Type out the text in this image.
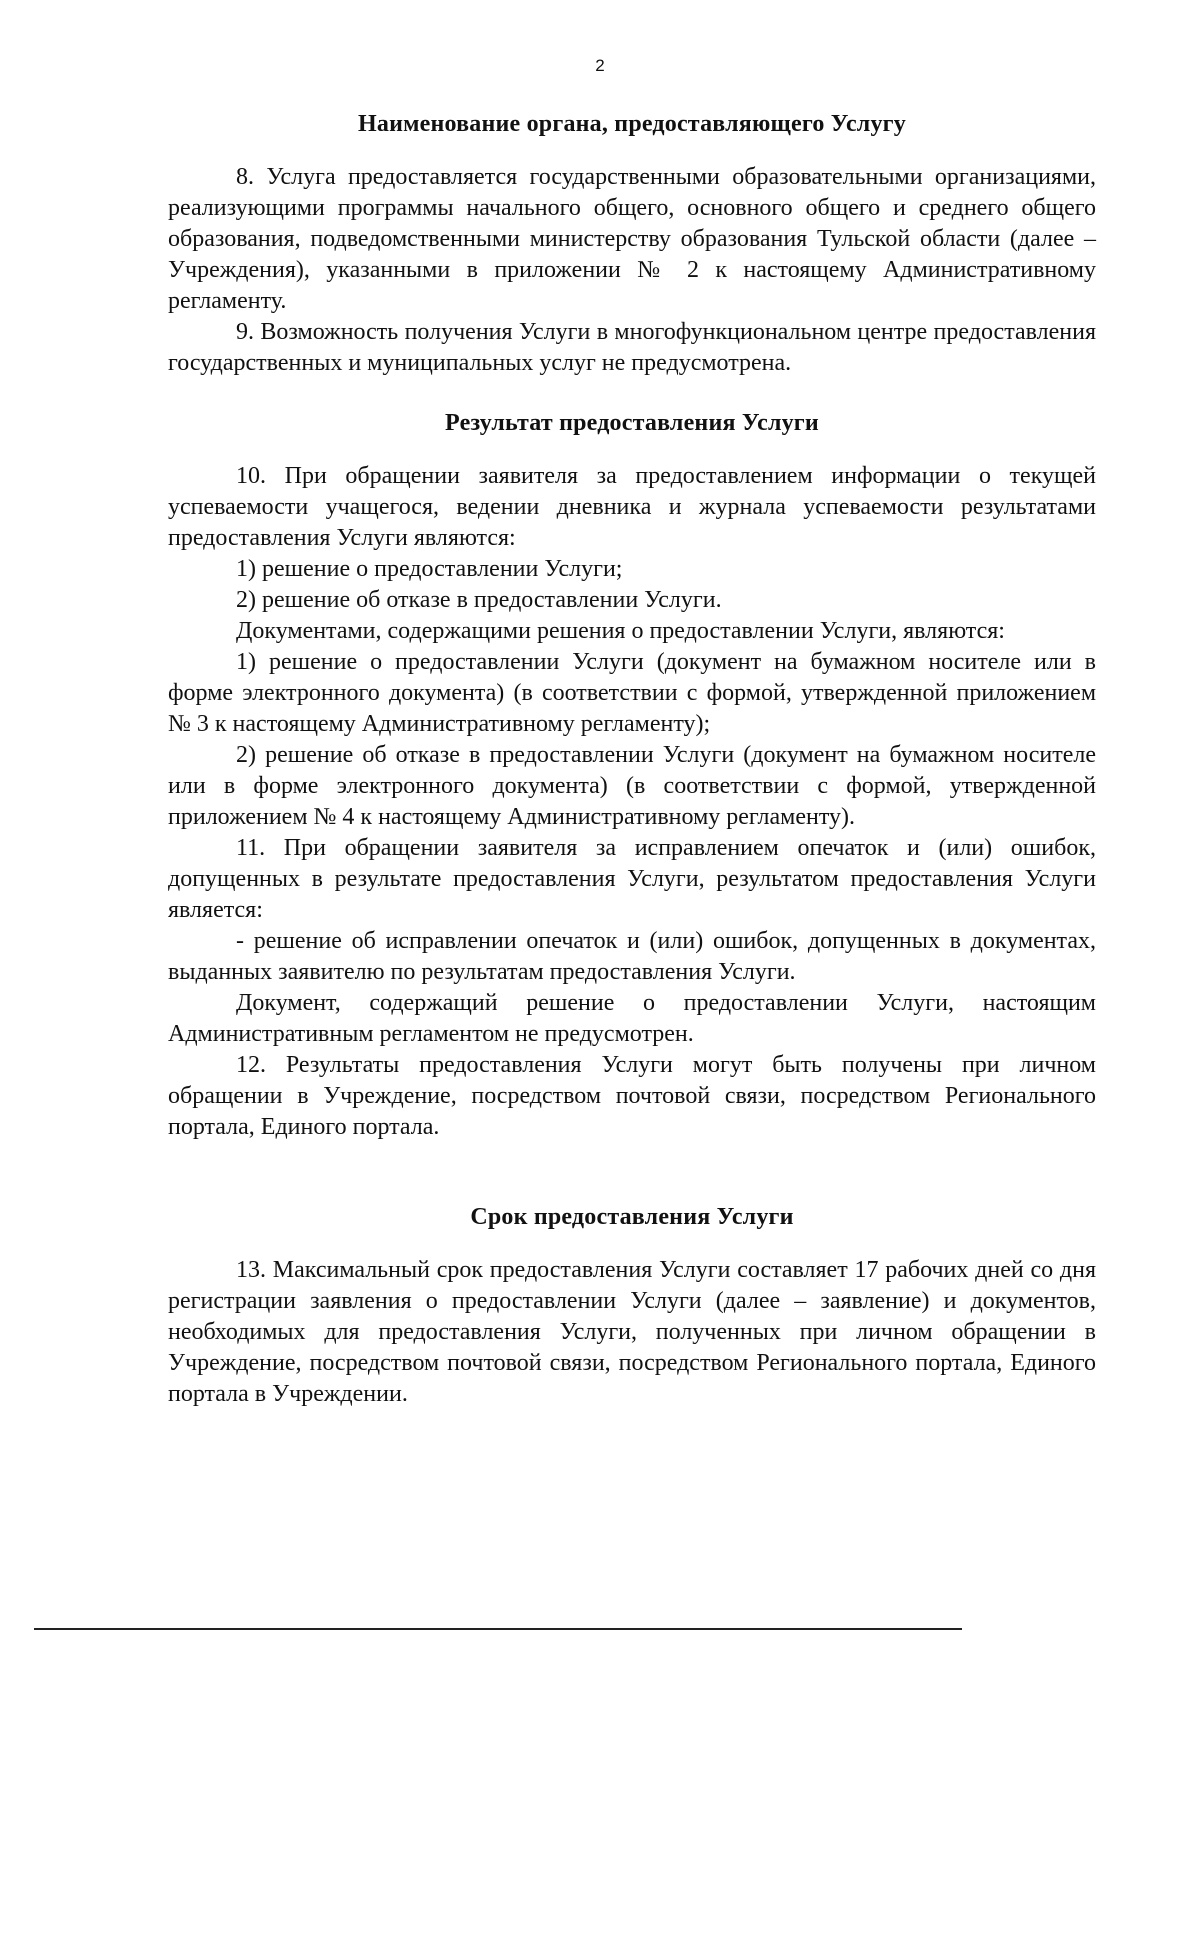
2
Наименование органа, предоставляющего Услугу

8. Услуга предоставляется государственными образовательными организациями, реализующими программы начального общего, основного общего и среднего общего образования, подведомственными министерству образования Тульской области (далее – Учреждения), указанными в приложении № 2 к настоящему Административному регламенту.

9. Возможность получения Услуги в многофункциональном центре предоставления государственных и муниципальных услуг не предусмотрена.

Результат предоставления Услуги

10. При обращении заявителя за предоставлением информации о текущей успеваемости учащегося, ведении дневника и журнала успеваемости результатами предоставления Услуги являются:

1) решение о предоставлении Услуги;

2) решение об отказе в предоставлении Услуги.

Документами, содержащими решения о предоставлении Услуги, являются:

1) решение о предоставлении Услуги (документ на бумажном носителе или в форме электронного документа) (в соответствии с формой, утвержденной приложением № 3 к настоящему Административному регламенту);

2) решение об отказе в предоставлении Услуги (документ на бумажном носителе или в форме электронного документа) (в соответствии с формой, утвержденной приложением № 4 к настоящему Административному регламенту).

11. При обращении заявителя за исправлением опечаток и (или) ошибок, допущенных в результате предоставления Услуги, результатом предоставления Услуги является:

- решение об исправлении опечаток и (или) ошибок, допущенных в документах, выданных заявителю по результатам предоставления Услуги.

Документ, содержащий решение о предоставлении Услуги, настоящим Административным регламентом не предусмотрен.

12. Результаты предоставления Услуги могут быть получены при личном обращении в Учреждение, посредством почтовой связи, посредством Регионального портала, Единого портала.

Срок предоставления Услуги

13. Максимальный срок предоставления Услуги составляет 17 рабочих дней со дня регистрации заявления о предоставлении Услуги (далее – заявление) и документов, необходимых для предоставления Услуги, полученных при личном обращении в Учреждение, посредством почтовой связи, посредством Регионального портала, Единого портала в Учреждении.
